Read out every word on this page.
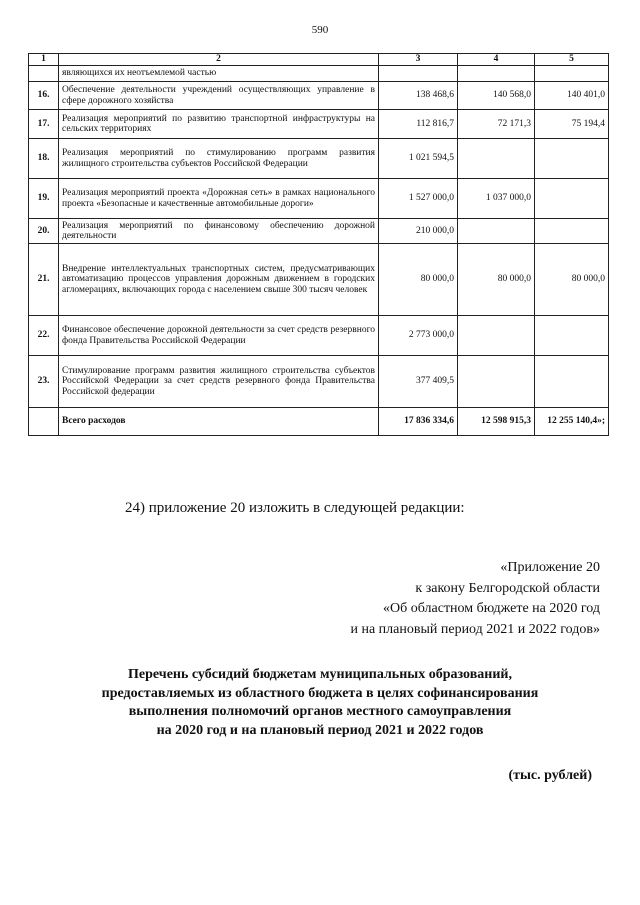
590
1	2	3	4	5
	являющихся их неотъемлемой частью			
16.	Обеспечение деятельности учреждений осуществляющих управление в сфере дорожного хозяйства	138 468,6	140 568,0	140 401,0
17.	Реализация мероприятий по развитию транспортной инфраструктуры на сельских территориях	112 816,7	72 171,3	75 194,4
18.	Реализация мероприятий по стимулированию программ развития жилищного строительства субъектов Российской Федерации	1 021 594,5		
19.	Реализация мероприятий проекта «Дорожная сеть» в рамках национального проекта «Безопасные и качественные автомобильные дороги»	1 527 000,0	1 037 000,0	
20.	Реализация мероприятий по финансовому обеспечению дорожной деятельности	210 000,0		
21.	Внедрение интеллектуальных транспортных систем, предусматривающих автоматизацию процессов управления дорожным движением в городских агломерациях, включающих города с населением свыше 300 тысяч человек	80 000,0	80 000,0	80 000,0
22.	Финансовое обеспечение дорожной деятельности за счет средств резервного фонда Правительства Российской Федерации	2 773 000,0		
23.	Стимулирование программ развития жилищного строительства субъектов Российской Федерации за счет средств резервного фонда Правительства Российской федерации	377 409,5		
	Всего расходов	17 836 334,6	12 598 915,3	12 255 140,4»;
24) приложение 20 изложить в следующей редакции:
«Приложение 20
к закону Белгородской области
«Об областном бюджете на 2020 год
и на плановый период 2021 и 2022 годов»
Перечень субсидий бюджетам муниципальных образований,
предоставляемых из областного бюджета в целях софинансирования
выполнения полномочий органов местного самоуправления
на 2020 год и на плановый период 2021 и 2022 годов
(тыс. рублей)
